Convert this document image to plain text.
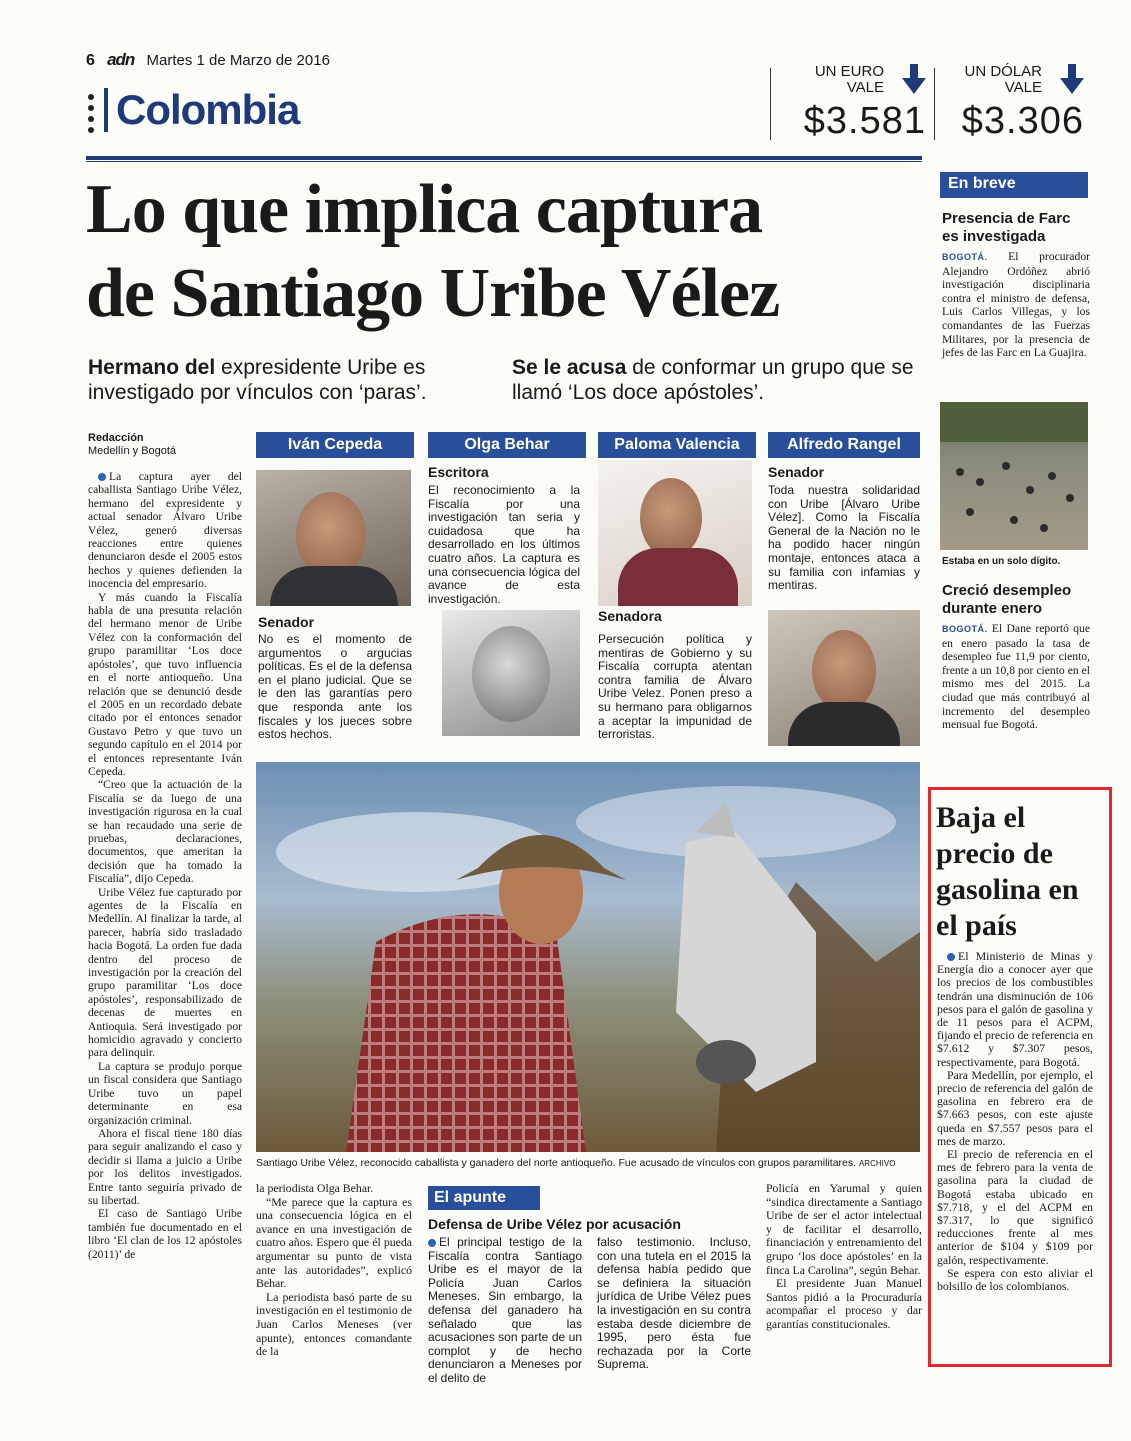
6 adn Martes 1 de Marzo de 2016
Colombia
UN EURO
VALE
$3.581
UN DÓLAR
VALE
$3.306
Lo que implica captura
de Santiago Uribe Vélez
Hermano del expresidente Uribe es investigado por vínculos con ‘paras’.
Se le acusa de conformar un grupo que se llamó ‘Los doce apóstoles’.
Redacción
Medellín y Bogotá

La captura ayer del caballista Santiago Uribe Vélez, hermano del expresidente y actual senador Álvaro Uribe Vélez, generó diversas reacciones entre quienes denunciaron desde el 2005 estos hechos y quienes defienden la inocencia del empresario.

Y más cuando la Fiscalía habla de una presunta relación del hermano menor de Uribe Vélez con la conformación del grupo paramilitar ‘Los doce apóstoles’, que tuvo influencia en el norte antioqueño. Una relación que se denunció desde el 2005 en un recordado debate citado por el entonces senador Gustavo Petro y que tuvo un segundo capítulo en el 2014 por el entonces representante Iván Cepeda.

“Creo que la actuación de la Fiscalía se da luego de una investigación rigurosa en la cual se han recaudado una serie de pruebas, declaraciones, documentos, que ameritan la decisión que ha tomado la Fiscalía”, dijo Cepeda.

Uribe Vélez fue capturado por agentes de la Fiscalía en Medellín. Al finalizar la tarde, al parecer, habría sido trasladado hacia Bogotá. La orden fue dada dentro del proceso de investigación por la creación del grupo paramilitar ‘Los doce apóstoles’, responsabilizado de decenas de muertes en Antioquia. Será investigado por homicidio agravado y concierto para delinquir.

La captura se produjo porque un fiscal considera que Santiago Uribe tuvo un papel determinante en esa organización criminal.

Ahora el fiscal tiene 180 días para seguir analizando el caso y decidir si llama a juicio a Uribe por los delitos investigados. Entre tanto seguiría privado de su libertad.

El caso de Santiago Uribe también fue documentado en el libro ‘El clan de los 12 apóstoles (2011)’ de

Iván Cepeda
Senador
No es el momento de argumentos o argucias políticas. Es el de la defensa en el plano judicial. Que se le den las garantías pero que responda ante los fiscales y los jueces sobre estos hechos.
Olga Behar
Escritora
El reconocimiento a la Fiscalía por una investigación tan seria y cuidadosa que ha desarrollado en los últimos cuatro años. La captura es una consecuencia lógica del avance de esta investigación.
Paloma Valencia
Senadora
Persecución política y mentiras de Gobierno y su Fiscalía corrupta atentan contra familia de Álvaro Uribe Velez. Ponen preso a su hermano para obligarnos a aceptar la impunidad de terroristas.
Alfredo Rangel
Senador
Toda nuestra solidaridad con Uribe [Álvaro Uribe Vélez]. Como la Fiscalía General de la Nación no le ha podido hacer ningún montaje, entonces ataca a su familia con infamias y mentiras.
Santiago Uribe Vélez, reconocido caballista y ganadero del norte antioqueño. Fue acusado de vínculos con grupos paramilitares. ARCHIVO

la periodista Olga Behar.

“Me parece que la captura es una consecuencia lógica en el avance en una investigación de cuatro años. Espero que él pueda argumentar su punto de vista ante las autoridades”, explicó Behar.

La periodista basó parte de su investigación en el testimonio de Juan Carlos Meneses (ver apunte), entonces comandante de la

El apunte
Defensa de Uribe Vélez por acusación
El principal testigo de la Fiscalía contra Santiago Uribe es el mayor de la Policía Juan Carlos Meneses. Sin embargo, la defensa del ganadero ha señalado que las acusaciones son parte de un complot y de hecho denunciaron a Meneses por el delito de
falso testimonio. Incluso, con una tutela en el 2015 la defensa había pedido que se definiera la situación jurídica de Uribe Vélez pues la investigación en su contra estaba desde diciembre de 1995, pero ésta fue rechazada por la Corte Suprema.

Policía en Yarumal y quien “sindica directamente a Santiago Uribe de ser el actor intelectual y de facilitar el desarrollo, financiación y entrenamiento del grupo ‘los doce apóstoles’ en la finca La Carolina”, según Behar.

El presidente Juan Manuel Santos pidió a la Procuraduría acompañar el proceso y dar garantías constitucionales.

En breve
Presencia de Farc es investigada
BOGOTÁ. El procurador Alejandro Ordóñez abrió investigación disciplinaria contra el ministro de defensa, Luis Carlos Villegas, y los comandantes de las Fuerzas Militares, por la presencia de jefes de las Farc en La Guajira.
Estaba en un solo dígito.
Creció desempleo durante enero
BOGOTÁ. El Dane reportó que en enero pasado la tasa de desempleo fue 11,9 por ciento, frente a un 10,8 por ciento en el mismo mes del 2015. La ciudad que más contribuyó al incremento del desempleo mensual fue Bogotá.
Baja el precio de gasolina en el país

El Ministerio de Minas y Energía dio a conocer ayer que los precios de los combustibles tendrán una disminución de 106 pesos para el galón de gasolina y de 11 pesos para el ACPM, fijando el precio de referencia en $7.612 y $7.307 pesos, respectivamente, para Bogotá.

Para Medellín, por ejemplo, el precio de referencia del galón de gasolina en febrero era de $7.663 pesos, con este ajuste queda en $7.557 pesos para el mes de marzo.

El precio de referencia en el mes de febrero para la venta de gasolina para la ciudad de Bogotá estaba ubicado en $7.718, y el del ACPM en $7.317, lo que significó reducciones frente al mes anterior de $104 y $109 por galón, respectivamente.

Se espera con esto aliviar el bolsillo de los colombianos.
